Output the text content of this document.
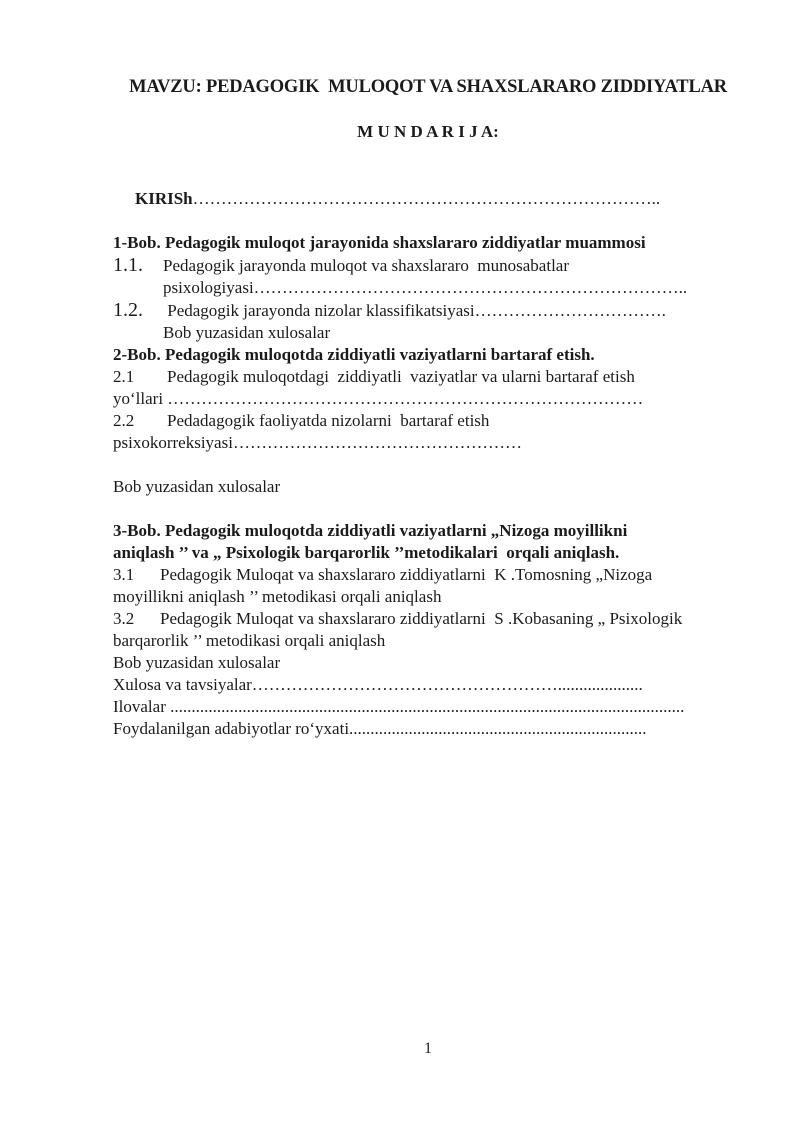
MAVZU: PEDAGOGIK  MULOQOT VA SHAXSLARARO ZIDDIYATLAR
M U N D A R I J A:
KIRISh………………………………………………………………………..
1-Bob. Pedagogik muloqot jarayonida shaxslararo ziddiyatlar muammosi
1.1.	Pedagogik jarayonda muloqot va shaxslararo  munosabatlar
psixologiyasi…………………………………………………………………..
1.2.	Pedagogik jarayonda nizolar klassifikatsiyasi…………………………….
Bob yuzasidan xulosalar
2-Bob. Pedagogik muloqotda ziddiyatli vaziyatlarni bartaraf etish.
2.1	Pedagogik muloqotdagi  ziddiyatli  vaziyatlar va ularni bartaraf etish
yo‘llari …………………………………………………………………………
2.2	Pedadagogik faoliyatda nizolarni  bartaraf etish
psixokorreksiyasi……………………………………………
Bob yuzasidan xulosalar
3-Bob. Pedagogik muloqotda ziddiyatli vaziyatlarni „Nizoga moyillikni
aniqlash ’’ va „ Psixologik barqarorlik ’’metodikalari  orqali aniqlash.
3.1	Pedagogik Muloqat va shaxslararo ziddiyatlarni  K .Tomosning „Nizoga
moyillikni aniqlash ’’ metodikasi orqali aniqlash
3.2	Pedagogik Muloqat va shaxslararo ziddiyatlarni  S .Kobasaning „ Psixologik
barqarorlik ’’ metodikasi orqali aniqlash
Bob yuzasidan xulosalar
Xulosa va tavsiyalar………………………………………………....................
Ilovalar .........................................................................................................................
Foydalanilgan adabiyotlar ro‘yxati......................................................................
1
